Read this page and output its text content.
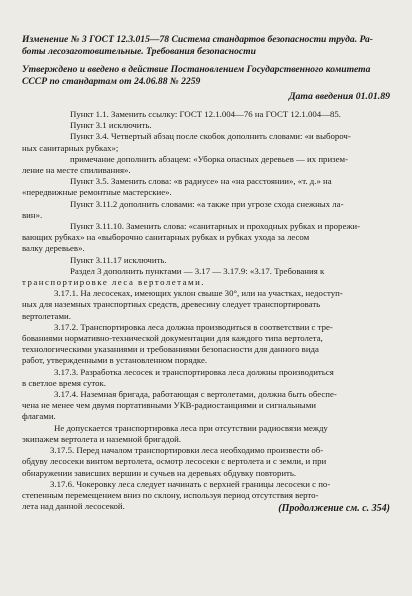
Изменение № 3 ГОСТ 12.3.015—78 Система стандартов безопасности труда. Ра-
боты лесозаготовительные. Требования безопасности
Утверждено и введено в действие Постановлением Государственного комитета
СССР по стандартам от 24.06.88 № 2259
Дата введения 01.01.89
Пункт 1.1. Заменить ссылку: ГОСТ 12.1.004—76 на ГОСТ 12.1.004—85.
Пункт 3.1 исключить.
Пункт 3.4. Четвертый абзац после скобок дополнить словами: «и выбороч-
ных санитарных рубках»;
примечание дополнить абзацем: «Уборка опасных деревьев — их призем-
ление на месте спиливания».
Пункт 3.5. Заменить слова: «в радиусе» на «на расстоянии», «т. д.» на
«передвижные ремонтные мастерские».
Пункт 3.11.2 дополнить словами: «а также при угрозе схода снежных ла-
вин».
Пункт 3.11.10. Заменить слова: «санитарных и проходных рубках и прорежи-
вающих рубках» на «выборочно санитарных рубках и рубках ухода за лесом
валку деревьев».
Пункт 3.11.17 исключить.
Раздел 3 дополнить пунктами — 3.17 — 3.17.9: «3.17. Требования к
транспортировке леса вертолетами.
3.17.1. На лесосеках, имеющих уклон свыше 30°, или на участках, недоступ-
ных для наземных транспортных средств, древесину следует транспортировать
вертолетами.
3.17.2. Транспортировка леса должна производиться в соответствии с тре-
бованиями нормативно-технической документации для каждого типа вертолета,
технологическими указаниями и требованиями безопасности для данного вида
работ, утвержденными в установленном порядке.
3.17.3. Разработка лесосек и транспортировка леса должны производиться
в светлое время суток.
3.17.4. Наземная бригада, работающая с вертолетами, должна быть обеспе-
чена не менее чем двумя портативными УКВ-радиостанциями и сигнальными
флагами.
Не допускается транспортировка леса при отсутствии радиосвязи между
экипажем вертолета и наземной бригадой.
3.17.5. Перед началом транспортировки леса необходимо произвести об-
обдуву лесосеки винтом вертолета, осмотр лесосеки с вертолета и с земли, и при
обнаружении зависших вершин и сучьев на деревьях обдувку повторить.
3.17.6. Чокеровку леса следует начинать с верхней границы лесосеки с по-
степенным перемещением вниз по склону, используя период отсутствия верто-
лета над данной лесосекой.	(Продолжение см. с. 354)
